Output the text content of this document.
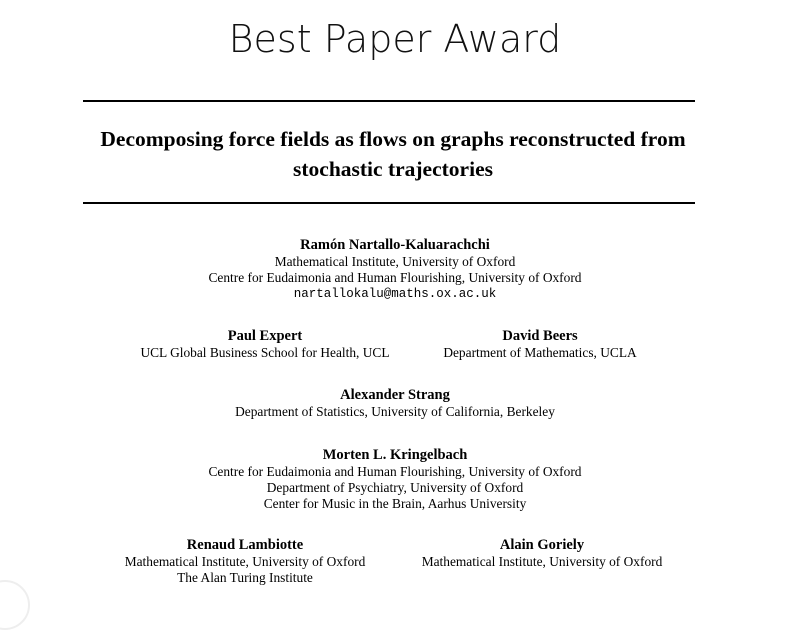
Best Paper Award
Decomposing force fields as flows on graphs reconstructed from
stochastic trajectories
Ramón Nartallo-Kaluarachchi
Mathematical Institute, University of Oxford
Centre for Eudaimonia and Human Flourishing, University of Oxford
nartallokalu@maths.ox.ac.uk
Paul Expert
UCL Global Business School for Health, UCL
David Beers
Department of Mathematics, UCLA
Alexander Strang
Department of Statistics, University of California, Berkeley
Morten L. Kringelbach
Centre for Eudaimonia and Human Flourishing, University of Oxford
Department of Psychiatry, University of Oxford
Center for Music in the Brain, Aarhus University
Renaud Lambiotte
Mathematical Institute, University of Oxford
The Alan Turing Institute
Alain Goriely
Mathematical Institute, University of Oxford
